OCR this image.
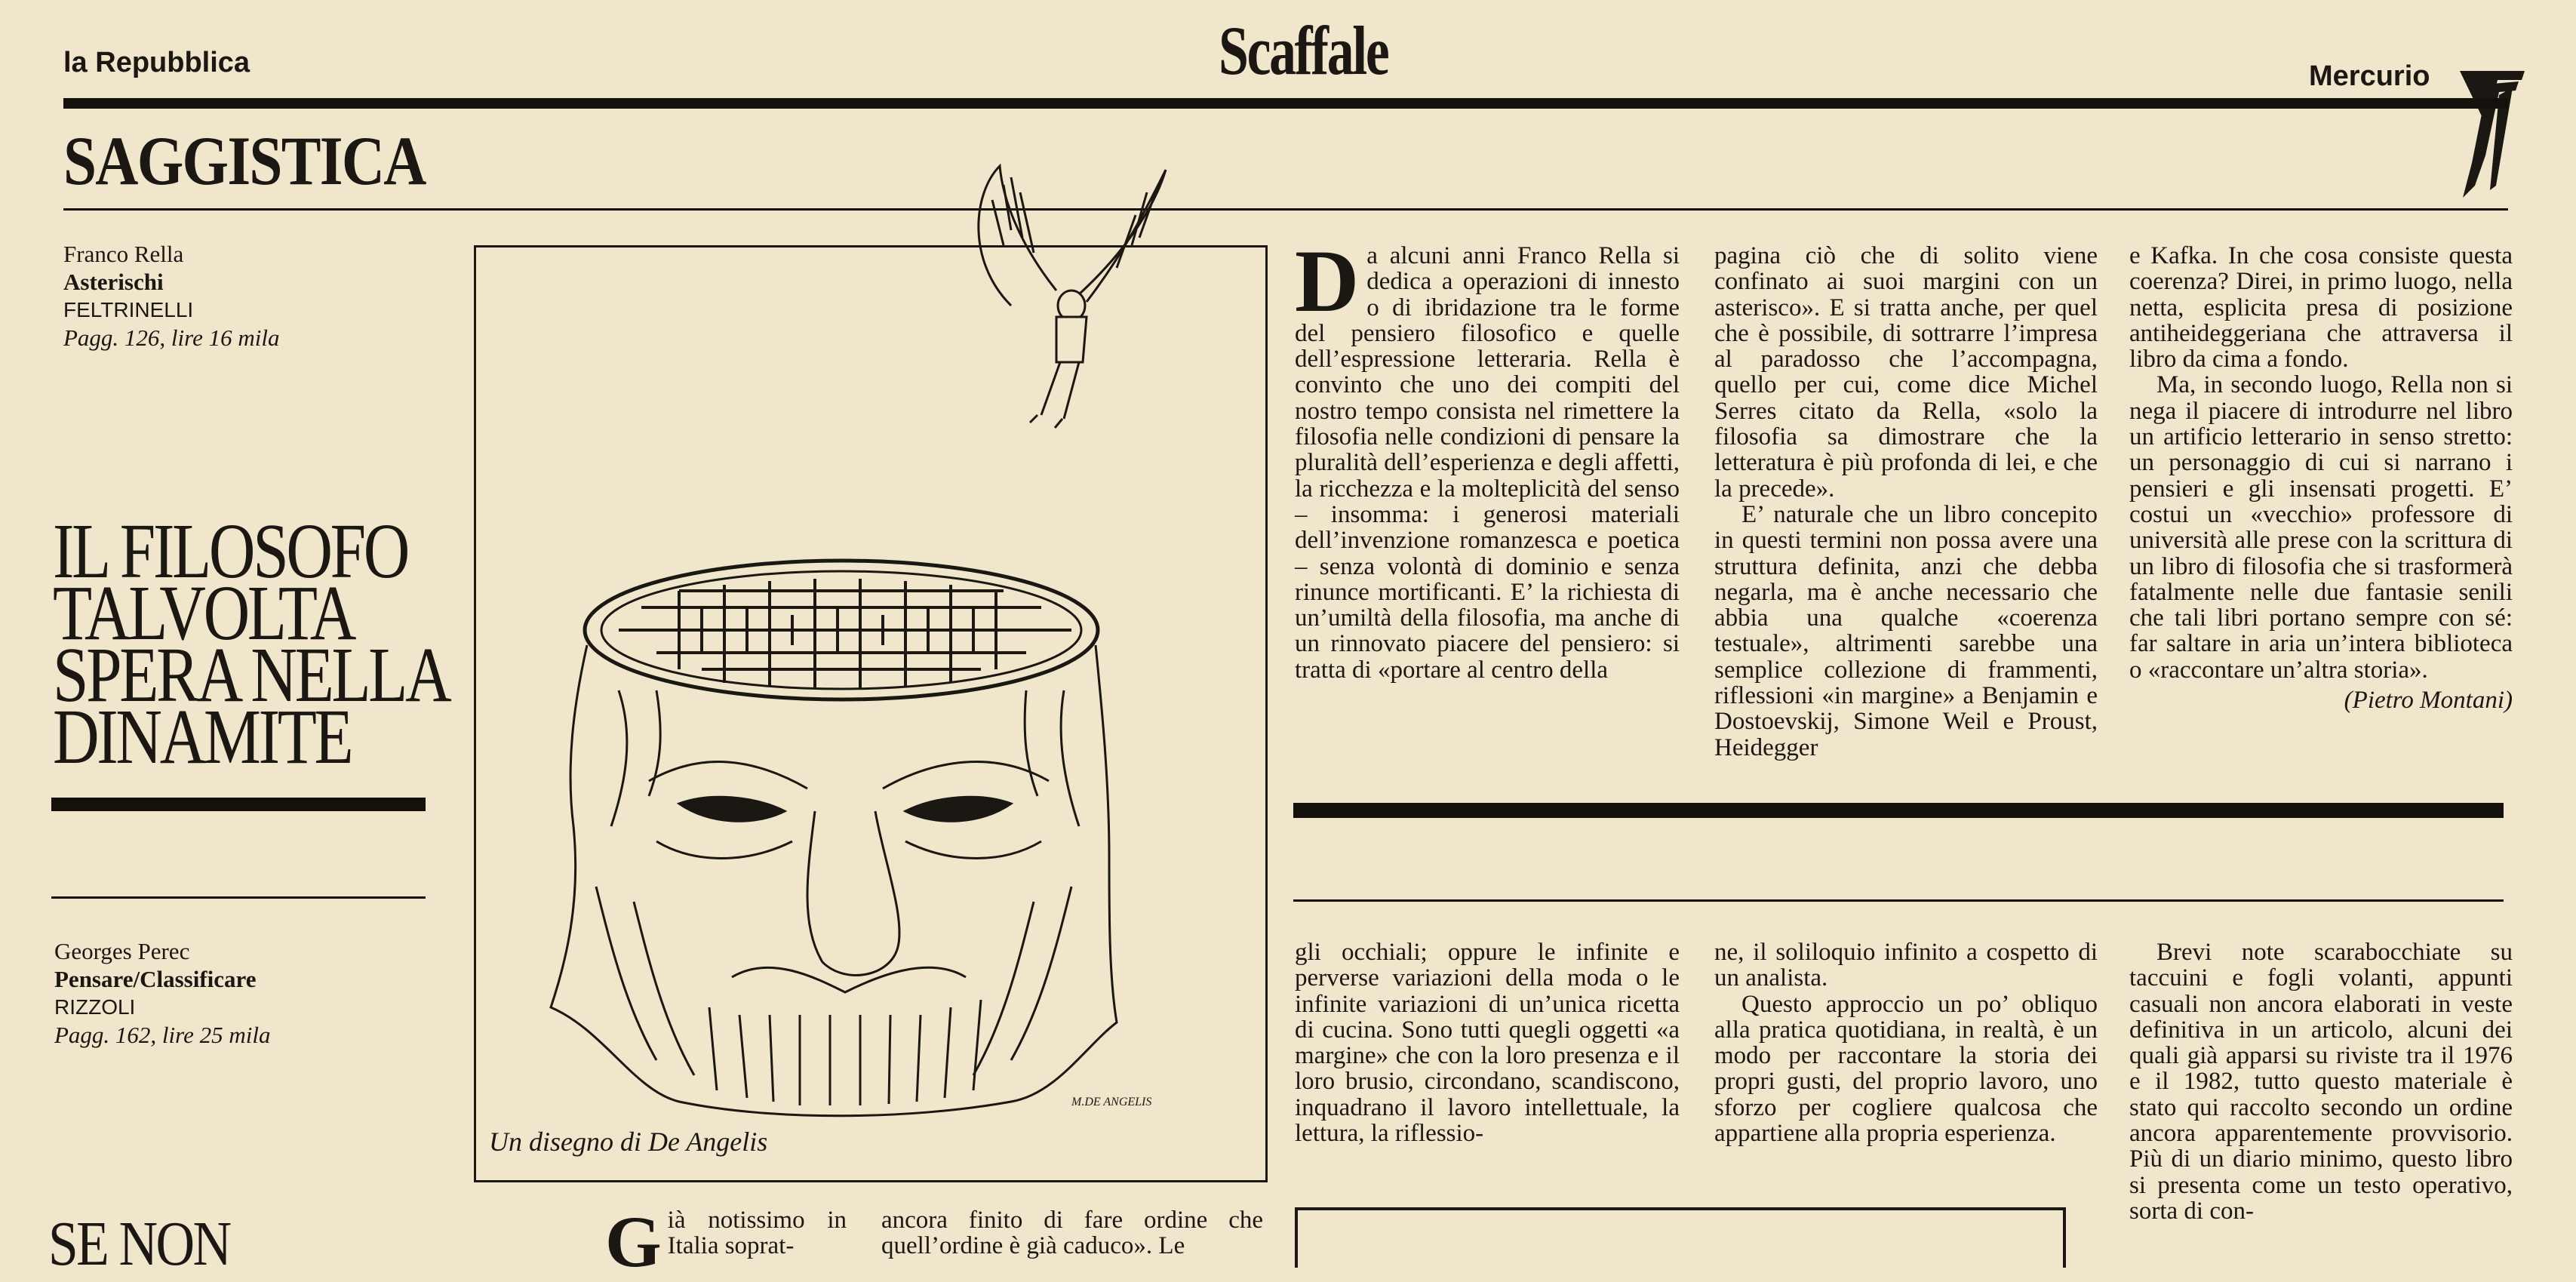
la Repubblica	Scaffale	Mercurio
SAGGISTICA
Franco Rella
Asterischi
FELTRINELLI
Pagg. 126, lire 16 mila
IL FILOSOFO
TALVOLTA
SPERA NELLA
DINAMITE
Georges Perec
Pensare/Classificare
RIZZOLI
Pagg. 162, lire 25 mila
SE NON
M.DE ANGELIS
Un disegno di De Angelis

Da alcuni anni Franco Rella si dedica a operazioni di innesto o di ibridazione tra le forme del pensiero filosofico e quelle dell’espressione letteraria. Rella è convinto che uno dei compiti del nostro tempo consista nel rimettere la filosofia nelle condizioni di pensare la pluralità dell’esperienza e degli affetti, la ricchezza e la molteplicità del senso – insomma: i generosi materiali dell’invenzione romanzesca e poetica – senza volontà di dominio e senza rinunce mortificanti. E’ la richiesta di un’umiltà della filosofia, ma anche di un rinnovato piacere del pensiero: si tratta di «portare al centro della

pagina ciò che di solito viene confinato ai suoi margini con un asterisco». E si tratta anche, per quel che è possibile, di sottrarre l’impresa al paradosso che l’accompagna, quello per cui, come dice Michel Serres citato da Rella, «solo la filosofia sa dimostrare che la letteratura è più profonda di lei, e che la precede».

E’ naturale che un libro concepito in questi termini non possa avere una struttura definita, anzi che debba negarla, ma è anche necessario che abbia una qualche «coerenza testuale», altrimenti sarebbe una semplice collezione di frammenti, riflessioni «in margine» a Benjamin e Dostoevskij, Simone Weil e Proust, Heidegger

e Kafka. In che cosa consiste questa coerenza? Direi, in primo luogo, nella netta, esplicita presa di posizione antiheideggeriana che attraversa il libro da cima a fondo.

Ma, in secondo luogo, Rella non si nega il piacere di introdurre nel libro un artificio letterario in senso stretto: un personaggio di cui si narrano i pensieri e gli insensati progetti. E’ costui un «vecchio» professore di università alle prese con la scrittura di un libro di filosofia che si trasformerà fatalmente nelle due fantasie senili che tali libri portano sempre con sé: far saltare in aria un’intera biblioteca o «raccontare un’altra storia».

(Pietro Montani)

gli occhiali; oppure le infinite e perverse variazioni della moda o le infinite variazioni di un’unica ricetta di cucina. Sono tutti quegli oggetti «a margine» che con la loro presenza e il loro brusio, circondano, scandiscono, inquadrano il lavoro intellettuale, la lettura, la riflessio-

ne, il soliloquio infinito a cospetto di un analista.

Questo approccio un po’ obliquo alla pratica quotidiana, in realtà, è un modo per raccontare la storia dei propri gusti, del proprio lavoro, uno sforzo per cogliere qualcosa che appartiene alla propria esperienza.

Brevi note scarabocchiate su taccuini e fogli volanti, appunti casuali non ancora elaborati in veste definitiva in un articolo, alcuni dei quali già apparsi su riviste tra il 1976 e il 1982, tutto questo materiale è stato qui raccolto secondo un ordine ancora apparentemente provvisorio. Più di un diario minimo, questo libro si presenta come un testo operativo, sorta di con-

Già notissimo in Italia soprat-

ancora finito di fare ordine che quell’ordine è già caduco». Le
